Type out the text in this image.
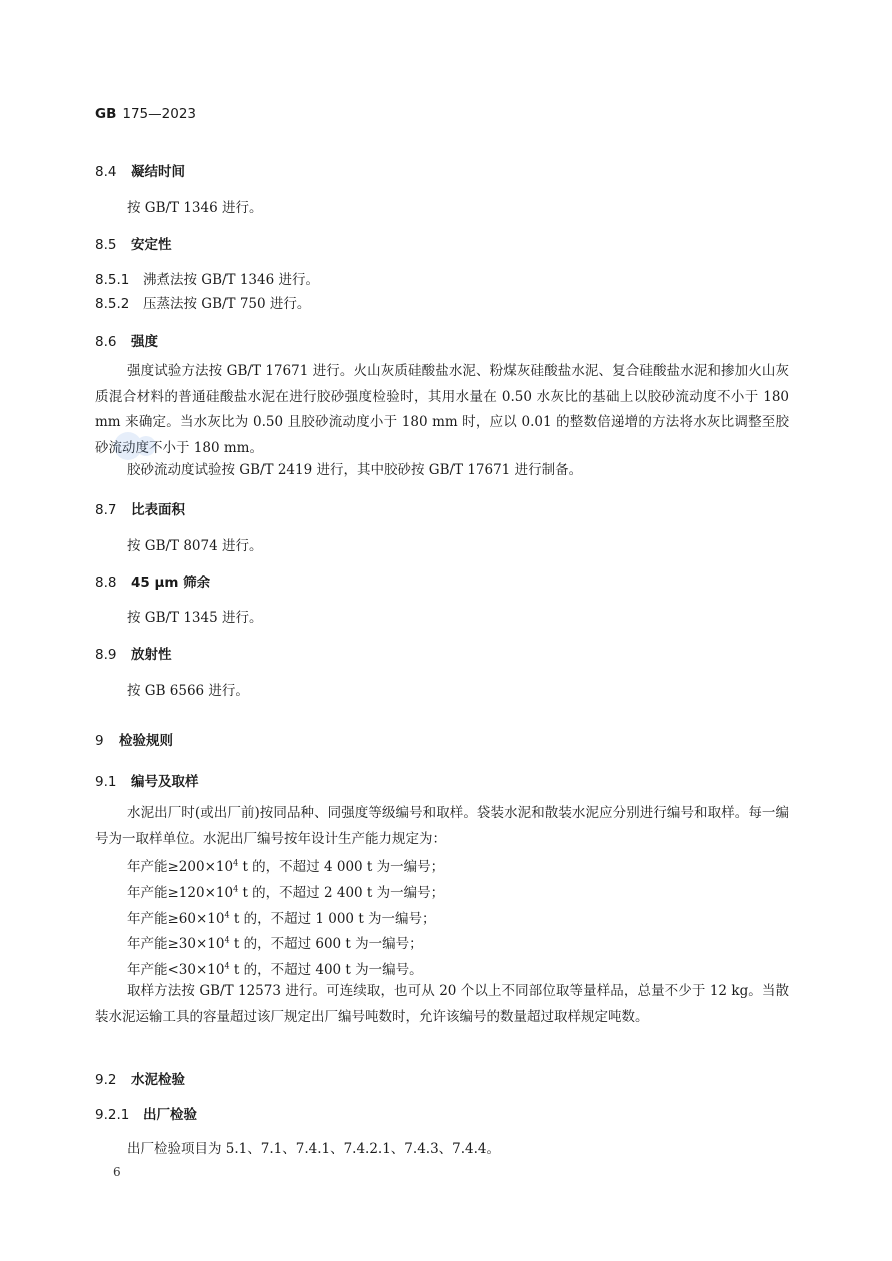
GB 175—2023
8.4 凝结时间
按 GB/T 1346 进行。
8.5 安定性
8.5.1 沸煮法按 GB/T 1346 进行。
8.5.2 压蒸法按 GB/T 750 进行。
8.6 强度
强度试验方法按 GB/T 17671 进行。火山灰质硅酸盐水泥、粉煤灰硅酸盐水泥、复合硅酸盐水泥和掺加火山灰质混合材料的普通硅酸盐水泥在进行胶砂强度检验时，其用水量在 0.50 水灰比的基础上以胶砂流动度不小于 180 mm 来确定。当水灰比为 0.50 且胶砂流动度小于 180 mm 时，应以 0.01 的整数倍递增的方法将水灰比调整至胶砂流动度不小于 180 mm。
胶砂流动度试验按 GB/T 2419 进行，其中胶砂按 GB/T 17671 进行制备。
8.7 比表面积
按 GB/T 8074 进行。
8.8 45 μm 筛余
按 GB/T 1345 进行。
8.9 放射性
按 GB 6566 进行。
9 检验规则
9.1 编号及取样
水泥出厂时(或出厂前)按同品种、同强度等级编号和取样。袋装水泥和散装水泥应分别进行编号和取样。每一编号为一取样单位。水泥出厂编号按年设计生产能力规定为：
年产能$\ge 200\times 10^4$ t 的，不超过 4 000 t 为一编号；
年产能$\ge 120\times 10^4$ t 的，不超过 2 400 t 为一编号；
年产能$\ge 60\times 10^4$ t 的，不超过 1 000 t 为一编号；
年产能$\ge 30\times 10^4$ t 的，不超过 600 t 为一编号；
年产能$<30\times 10^4$ t 的，不超过 400 t 为一编号。
取样方法按 GB/T 12573 进行。可连续取，也可从 20 个以上不同部位取等量样品，总量不少于 12 kg。当散装水泥运输工具的容量超过该厂规定出厂编号吨数时，允许该编号的数量超过取样规定吨数。
9.2 水泥检验
9.2.1 出厂检验
出厂检验项目为 5.1、7.1、7.4.1、7.4.2.1、7.4.3、7.4.4。
6
